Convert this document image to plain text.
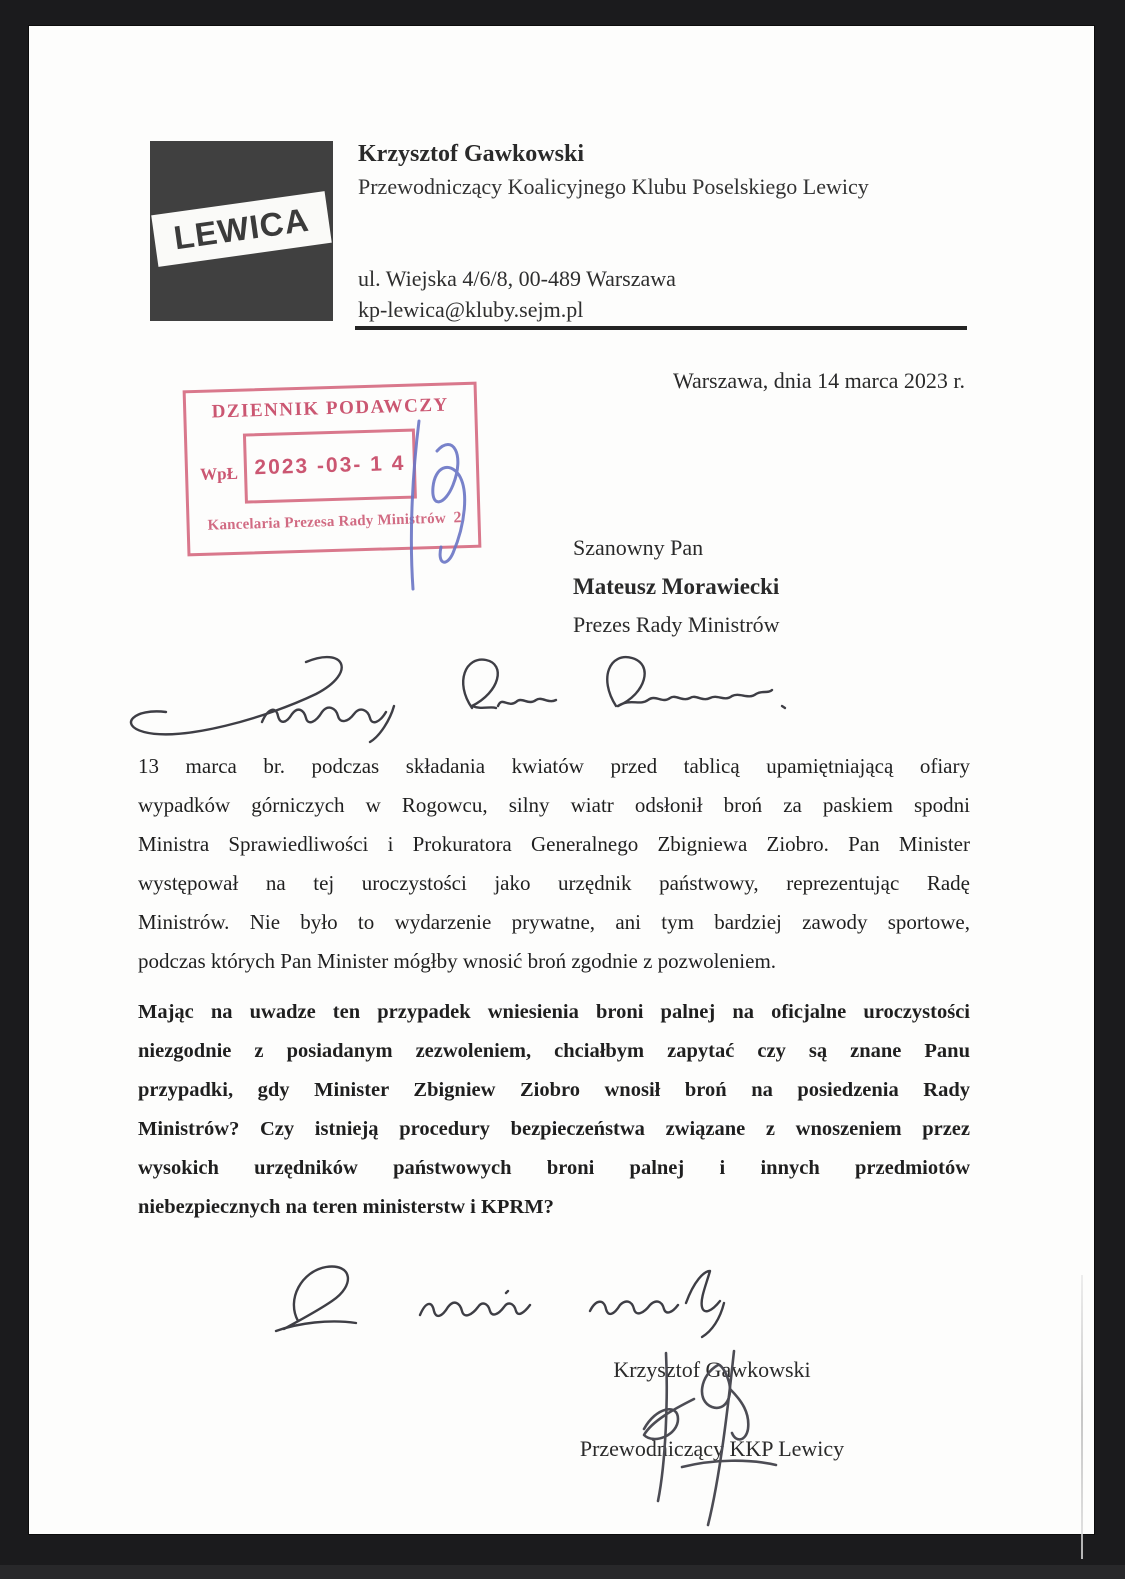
LEWICA
Krzysztof Gawkowski
Przewodniczący Koalicyjnego Klubu Poselskiego Lewicy
ul. Wiejska 4/6/8, 00-489 Warszawa
kp-lewica@kluby.sejm.pl
DZIENNIK PODAWCZY
WpŁ 2023 -03- 1 4
Kancelaria Prezesa Rady Ministrów 2
Warszawa, dnia 14 marca 2023 r.
Szanowny Pan
Mateusz Morawiecki
Prezes Rady Ministrów
13 marca br. podczas składania kwiatów przed tablicą upamiętniającą ofiary
wypadków górniczych w Rogowcu, silny wiatr odsłonił broń za paskiem spodni
Ministra Sprawiedliwości i Prokuratora Generalnego Zbigniewa Ziobro. Pan Minister
występował na tej uroczystości jako urzędnik państwowy, reprezentując Radę
Ministrów. Nie było to wydarzenie prywatne, ani tym bardziej zawody sportowe,
podczas których Pan Minister mógłby wnosić broń zgodnie z pozwoleniem.
Mając na uwadze ten przypadek wniesienia broni palnej na oficjalne uroczystości
niezgodnie z posiadanym zezwoleniem, chciałbym zapytać czy są znane Panu
przypadki, gdy Minister Zbigniew Ziobro wnosił broń na posiedzenia Rady
Ministrów? Czy istnieją procedury bezpieczeństwa związane z wnoszeniem przez
wysokich urzędników państwowych broni palnej i innych przedmiotów
niebezpiecznych na teren ministerstw i KPRM?
Krzysztof Gawkowski
Przewodniczący KKP Lewicy
